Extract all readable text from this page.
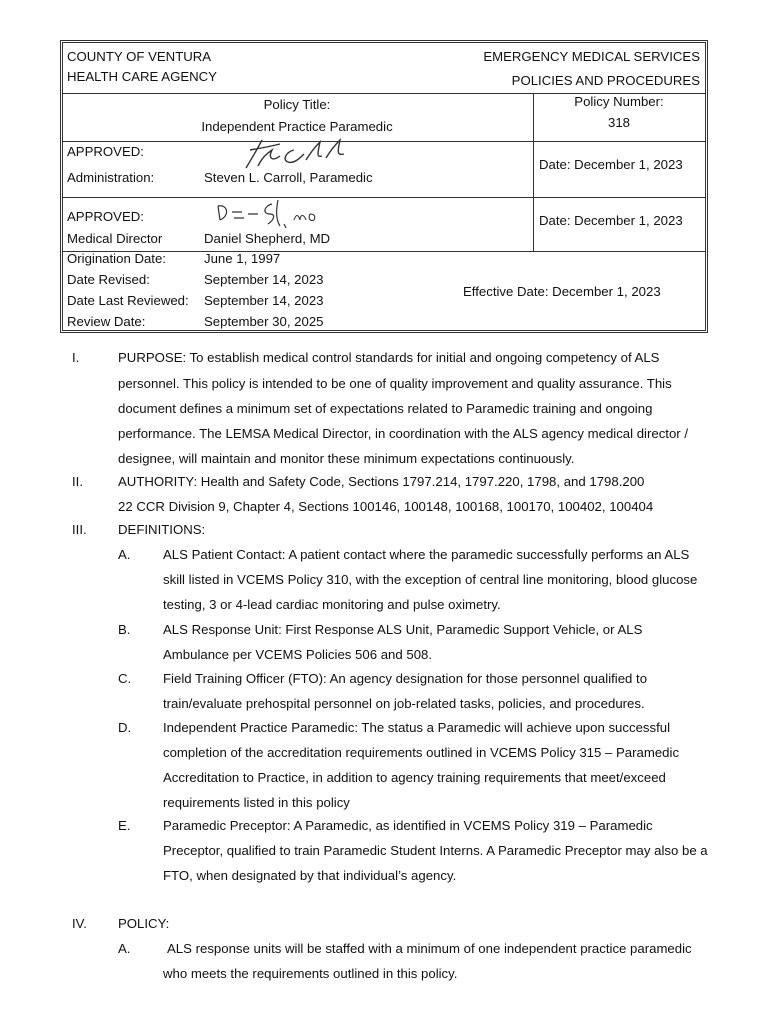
COUNTY OF VENTURA
HEALTH CARE AGENCY
EMERGENCY MEDICAL SERVICES
POLICIES AND PROCEDURES
Policy Title:
Independent Practice Paramedic
Policy Number:
318
APPROVED:
Administration:	Steven L. Carroll, Paramedic
Date: December 1, 2023
APPROVED:
Medical Director	Daniel Shepherd, MD
Date: December 1, 2023
Origination Date:	June 1, 1997
Date Revised:	September 14, 2023
Date Last Reviewed: September 14, 2023
Review Date:	September 30, 2025
Effective Date: December 1, 2023
I.	PURPOSE: To establish medical control standards for initial and ongoing competency of ALS
personnel. This policy is intended to be one of quality improvement and quality assurance. This
document defines a minimum set of expectations related to Paramedic training and ongoing
performance. The LEMSA Medical Director, in coordination with the ALS agency medical director /
designee, will maintain and monitor these minimum expectations continuously.
II.	AUTHORITY: Health and Safety Code, Sections 1797.214, 1797.220, 1798, and 1798.200
22 CCR Division 9, Chapter 4, Sections 100146, 100148, 100168, 100170, 100402, 100404
III. DEFINITIONS:
A. ALS Patient Contact: A patient contact where the paramedic successfully performs an ALS
skill listed in VCEMS Policy 310, with the exception of central line monitoring, blood glucose
testing, 3 or 4-lead cardiac monitoring and pulse oximetry.
B. ALS Response Unit: First Response ALS Unit, Paramedic Support Vehicle, or ALS
Ambulance per VCEMS Policies 506 and 508.
C. Field Training Officer (FTO): An agency designation for those personnel qualified to
train/evaluate prehospital personnel on job-related tasks, policies, and procedures.
D. Independent Practice Paramedic: The status a Paramedic will achieve upon successful
completion of the accreditation requirements outlined in VCEMS Policy 315 – Paramedic
Accreditation to Practice, in addition to agency training requirements that meet/exceed
requirements listed in this policy
E. Paramedic Preceptor: A Paramedic, as identified in VCEMS Policy 319 – Paramedic
Preceptor, qualified to train Paramedic Student Interns. A Paramedic Preceptor may also be a
FTO, when designated by that individual’s agency.
IV. POLICY:
A.	ALS response units will be staffed with a minimum of one independent practice paramedic
who meets the requirements outlined in this policy.
